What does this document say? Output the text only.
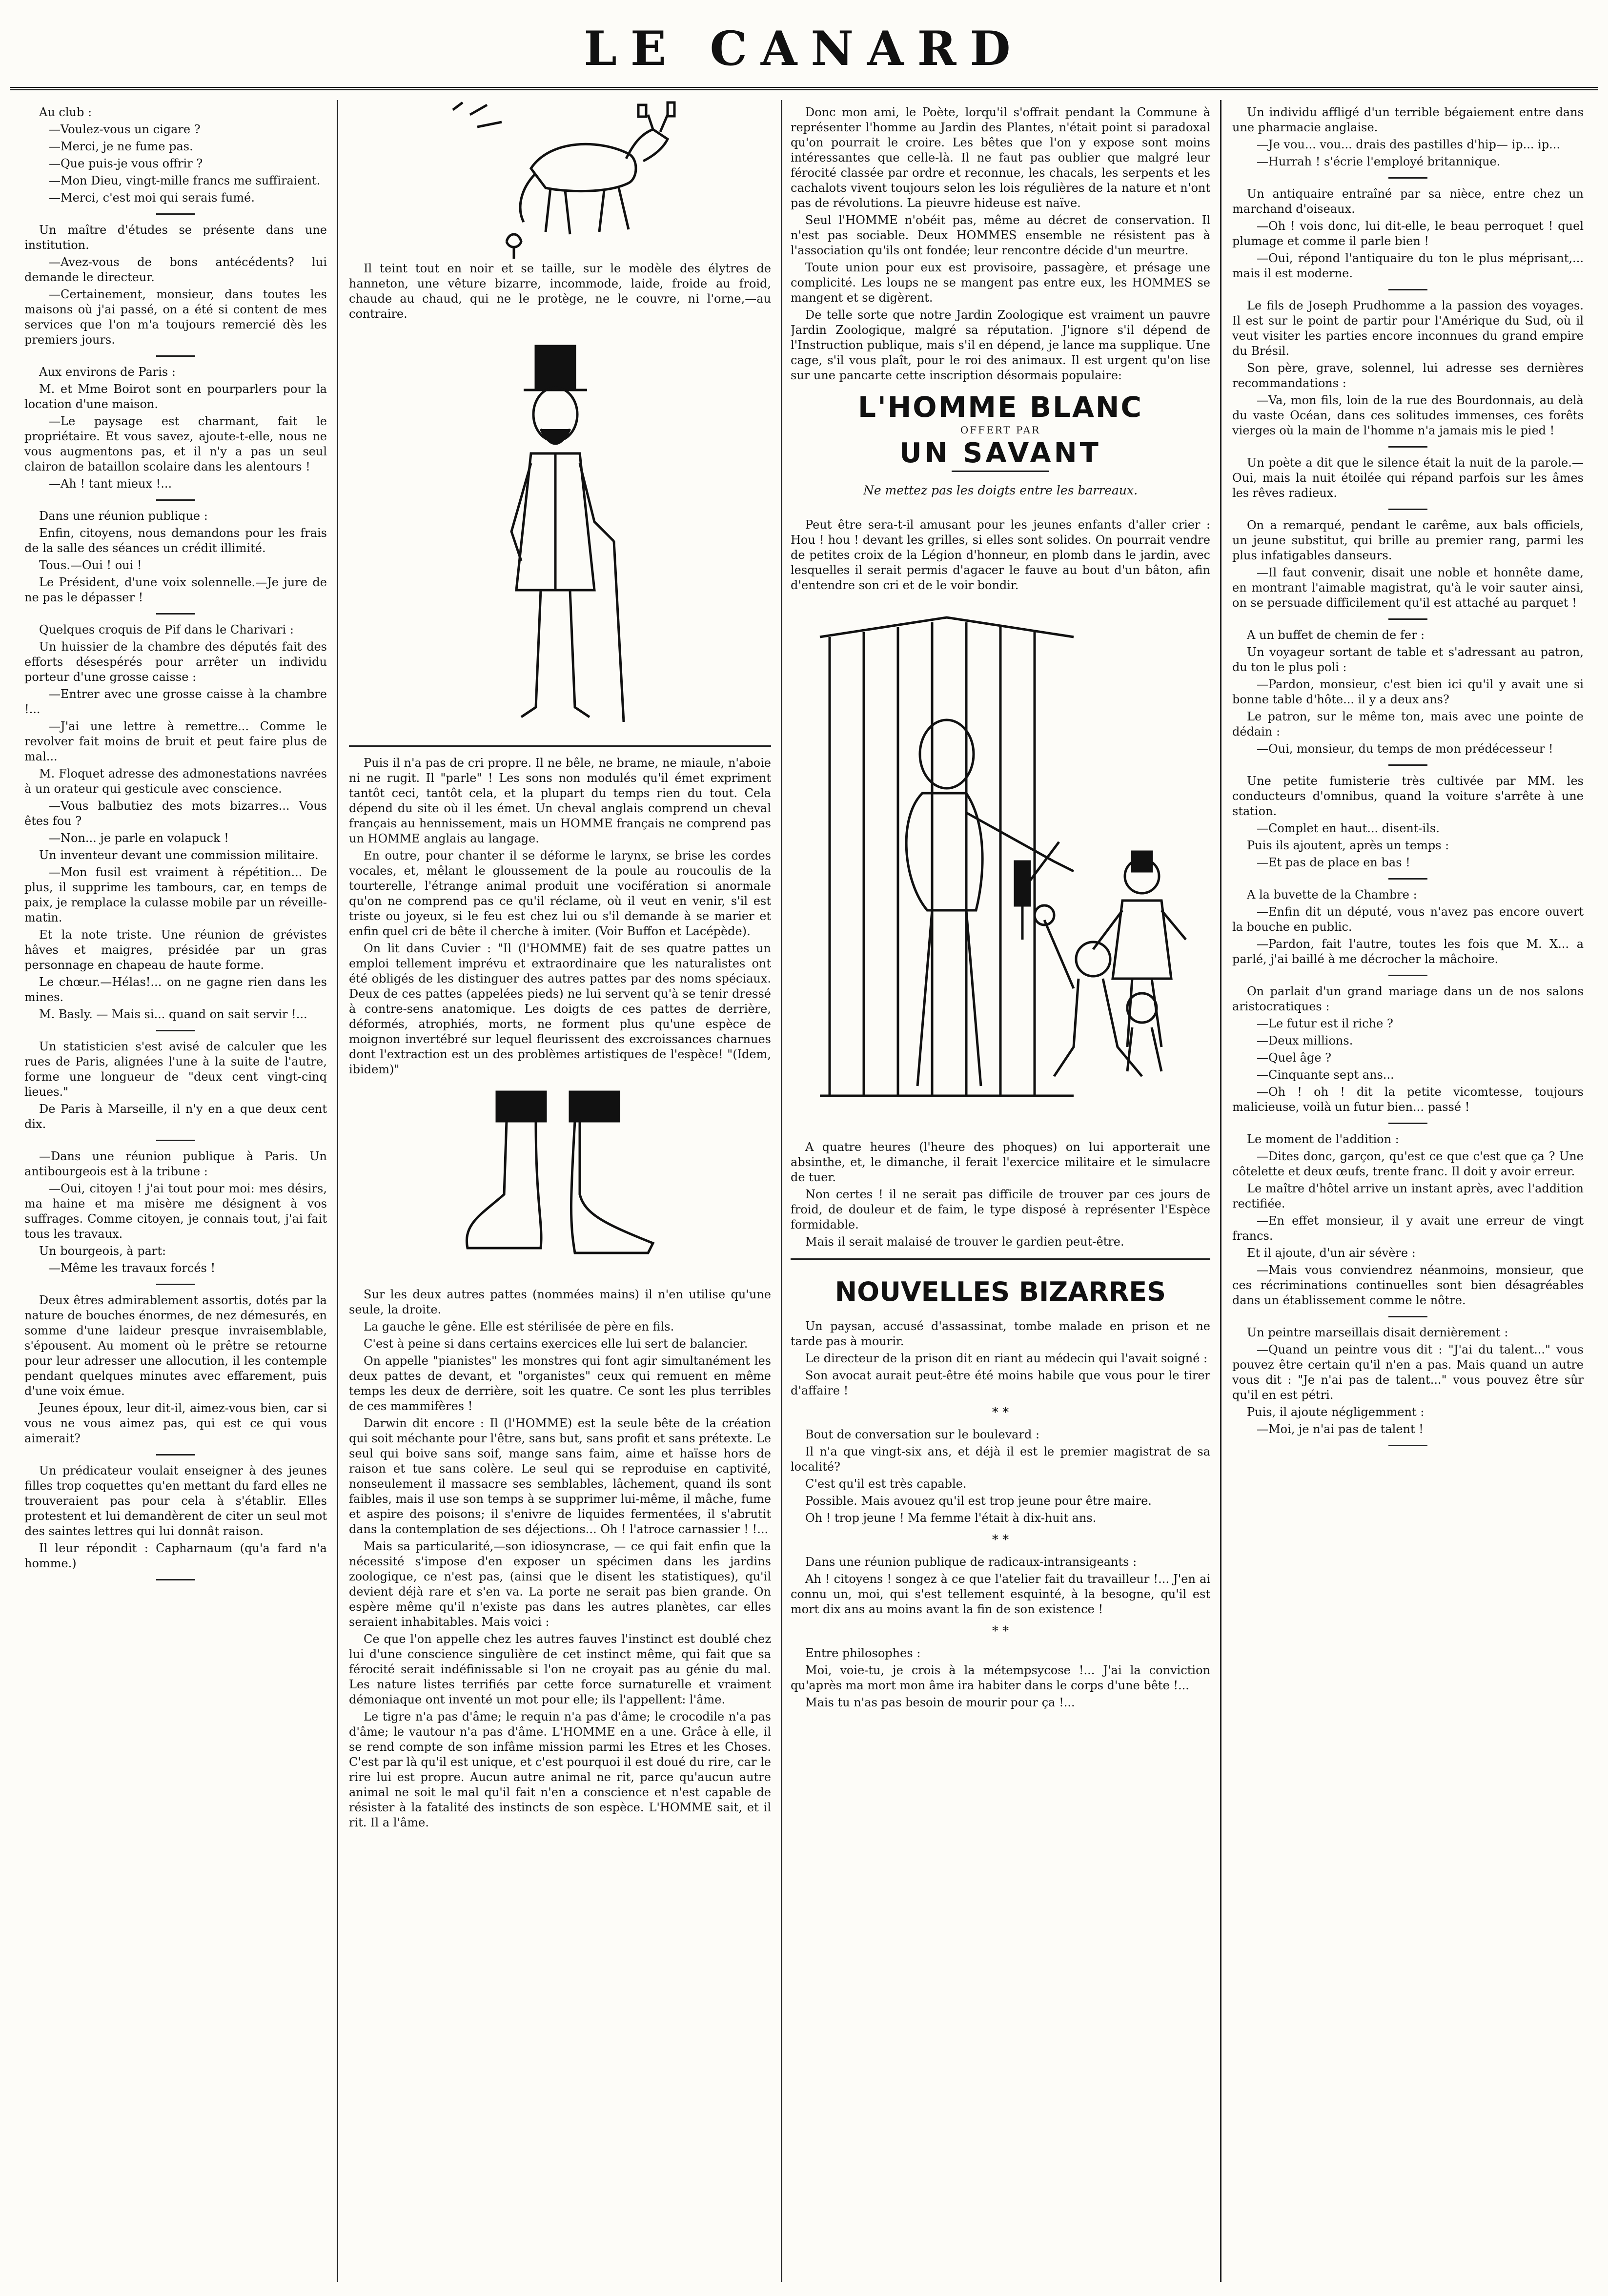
LE CANARD

Au club :

—Voulez-vous un cigare ?

—Merci, je ne fume pas.

—Que puis-je vous offrir ?

—Mon Dieu, vingt-mille francs me suffiraient.

—Merci, c'est moi qui serais fumé.

Un maître d'études se présente dans une institution.

—Avez-vous de bons antécédents? lui demande le directeur.

—Certainement, monsieur, dans toutes les maisons où j'ai passé, on a été si content de mes services que l'on m'a toujours remercié dès les premiers jours.

Aux environs de Paris :

M. et Mme Boirot sont en pourparlers pour la location d'une maison.

—Le paysage est charmant, fait le propriétaire. Et vous savez, ajoute-t-elle, nous ne vous augmentons pas, et il n'y a pas un seul clairon de bataillon scolaire dans les alentours !

—Ah ! tant mieux !...

Dans une réunion publique :

Enfin, citoyens, nous demandons pour les frais de la salle des séances un crédit illimité.

Tous.—Oui ! oui !

Le Président, d'une voix solennelle.—Je jure de ne pas le dépasser !

Quelques croquis de Pif dans le Charivari :

Un huissier de la chambre des députés fait des efforts désespérés pour arrêter un individu porteur d'une grosse caisse :

—Entrer avec une grosse caisse à la chambre !...

—J'ai une lettre à remettre... Comme le revolver fait moins de bruit et peut faire plus de mal...

M. Floquet adresse des admonestations navrées à un orateur qui gesticule avec conscience.

—Vous balbutiez des mots bizarres... Vous êtes fou ?

—Non... je parle en volapuck !

Un inventeur devant une commission militaire.

—Mon fusil est vraiment à répétition... De plus, il supprime les tambours, car, en temps de paix, je remplace la culasse mobile par un réveille-matin.

Et la note triste. Une réunion de grévistes hâves et maigres, présidée par un gras personnage en chapeau de haute forme.

Le chœur.—Hélas!... on ne gagne rien dans les mines.

M. Basly. — Mais si... quand on sait servir !...

Un statisticien s'est avisé de calculer que les rues de Paris, alignées l'une à la suite de l'autre, forme une longueur de "deux cent vingt-cinq lieues."

De Paris à Marseille, il n'y en a que deux cent dix.

—Dans une réunion publique à Paris. Un antibourgeois est à la tribune :

—Oui, citoyen ! j'ai tout pour moi: mes désirs, ma haine et ma misère me désignent à vos suffrages. Comme citoyen, je connais tout, j'ai fait tous les travaux.

Un bourgeois, à part:

—Même les travaux forcés !

Deux êtres admirablement assortis, dotés par la nature de bouches énormes, de nez démesurés, en somme d'une laideur presque invraisemblable, s'épousent. Au moment où le prêtre se retourne pour leur adresser une allocution, il les contemple pendant quelques minutes avec effarement, puis d'une voix émue.

Jeunes époux, leur dit-il, aimez-vous bien, car si vous ne vous aimez pas, qui est ce qui vous aimerait?

Un prédicateur voulait enseigner à des jeunes filles trop coquettes qu'en mettant du fard elles ne trouveraient pas pour cela à s'établir. Elles protestent et lui demandèrent de citer un seul mot des saintes lettres qui lui donnât raison.

Il leur répondit : Capharnaum (qu'a fard n'a homme.)

Il teint tout en noir et se taille, sur le modèle des élytres de hanneton, une vêture bizarre, incommode, laide, froide au froid, chaude au chaud, qui ne le protège, ne le couvre, ni l'orne,—au contraire.

Puis il n'a pas de cri propre. Il ne bêle, ne brame, ne miaule, n'aboie ni ne rugit. Il "parle" ! Les sons non modulés qu'il émet expriment tantôt ceci, tantôt cela, et la plupart du temps rien du tout. Cela dépend du site où il les émet. Un cheval anglais comprend un cheval français au hennissement, mais un HOMME français ne comprend pas un HOMME anglais au langage.

En outre, pour chanter il se déforme le larynx, se brise les cordes vocales, et, mêlant le gloussement de la poule au roucoulis de la tourterelle, l'étrange animal produit une vocifération si anormale qu'on ne comprend pas ce qu'il réclame, où il veut en venir, s'il est triste ou joyeux, si le feu est chez lui ou s'il demande à se marier et enfin quel cri de bête il cherche à imiter. (Voir Buffon et Lacépède).

On lit dans Cuvier : "Il (l'HOMME) fait de ses quatre pattes un emploi tellement imprévu et extraordinaire que les naturalistes ont été obligés de les distinguer des autres pattes par des noms spéciaux. Deux de ces pattes (appelées pieds) ne lui servent qu'à se tenir dressé à contre-sens anatomique. Les doigts de ces pattes de derrière, déformés, atrophiés, morts, ne forment plus qu'une espèce de moignon invertébré sur lequel fleurissent des excroissances charnues dont l'extraction est un des problèmes artistiques de l'espèce! "(Idem, ibidem)"

Sur les deux autres pattes (nommées mains) il n'en utilise qu'une seule, la droite.

La gauche le gêne. Elle est stérilisée de père en fils.

C'est à peine si dans certains exercices elle lui sert de balancier.

On appelle "pianistes" les monstres qui font agir simultanément les deux pattes de devant, et "organistes" ceux qui remuent en même temps les deux de derrière, soit les quatre. Ce sont les plus terribles de ces mammifères !

Darwin dit encore : Il (l'HOMME) est la seule bête de la création qui soit méchante pour l'être, sans but, sans profit et sans prétexte. Le seul qui boive sans soif, mange sans faim, aime et haïsse hors de raison et tue sans colère. Le seul qui se reproduise en captivité, nonseulement il massacre ses semblables, lâchement, quand ils sont faibles, mais il use son temps à se supprimer lui-même, il mâche, fume et aspire des poisons; il s'enivre de liquides fermentées, il s'abrutit dans la contemplation de ses déjections... Oh ! l'atroce carnassier ! !...

Mais sa particularité,—son idiosyncrase, — ce qui fait enfin que la nécessité s'impose d'en exposer un spécimen dans les jardins zoologique, ce n'est pas, (ainsi que le disent les statistiques), qu'il devient déjà rare et s'en va. La porte ne serait pas bien grande. On espère même qu'il n'existe pas dans les autres planètes, car elles seraient inhabitables. Mais voici :

Ce que l'on appelle chez les autres fauves l'instinct est doublé chez lui d'une conscience singulière de cet instinct même, qui fait que sa férocité serait indéfinissable si l'on ne croyait pas au génie du mal. Les nature listes terrifiés par cette force surnaturelle et vraiment démoniaque ont inventé un mot pour elle; ils l'appellent: l'âme.

Le tigre n'a pas d'âme; le requin n'a pas d'âme; le crocodile n'a pas d'âme; le vautour n'a pas d'âme. L'HOMME en a une. Grâce à elle, il se rend compte de son infâme mission parmi les Etres et les Choses. C'est par là qu'il est unique, et c'est pourquoi il est doué du rire, car le rire lui est propre. Aucun autre animal ne rit, parce qu'aucun autre animal ne soit le mal qu'il fait n'en a conscience et n'est capable de résister à la fatalité des instincts de son espèce. L'HOMME sait, et il rit. Il a l'âme.

Donc mon ami, le Poète, lorqu'il s'offrait pendant la Commune à représenter l'homme au Jardin des Plantes, n'était point si paradoxal qu'on pourrait le croire. Les bêtes que l'on y expose sont moins intéressantes que celle-là. Il ne faut pas oublier que malgré leur férocité classée par ordre et reconnue, les chacals, les serpents et les cachalots vivent toujours selon les lois régulières de la nature et n'ont pas de révolutions. La pieuvre hideuse est naïve.

Seul l'HOMME n'obéit pas, même au décret de conservation. Il n'est pas sociable. Deux HOMMES ensemble ne résistent pas à l'association qu'ils ont fondée; leur rencontre décide d'un meurtre.

Toute union pour eux est provisoire, passagère, et présage une complicité. Les loups ne se mangent pas entre eux, les HOMMES se mangent et se digèrent.

De telle sorte que notre Jardin Zoologique est vraiment un pauvre Jardin Zoologique, malgré sa réputation. J'ignore s'il dépend de l'Instruction publique, mais s'il en dépend, je lance ma supplique. Une cage, s'il vous plaît, pour le roi des animaux. Il est urgent qu'on lise sur une pancarte cette inscription désormais populaire:

L'HOMME BLANC
OFFERT PAR
UN SAVANT
Ne mettez pas les doigts entre les barreaux.

Peut être sera-t-il amusant pour les jeunes enfants d'aller crier : Hou ! hou ! devant les grilles, si elles sont solides. On pourrait vendre de petites croix de la Légion d'honneur, en plomb dans le jardin, avec lesquelles il serait permis d'agacer le fauve au bout d'un bâton, afin d'entendre son cri et de le voir bondir.

A quatre heures (l'heure des phoques) on lui apporterait une absinthe, et, le dimanche, il ferait l'exercice militaire et le simulacre de tuer.

Non certes ! il ne serait pas difficile de trouver par ces jours de froid, de douleur et de faim, le type disposé à représenter l'Espèce formidable.

Mais il serait malaisé de trouver le gardien peut-être.

NOUVELLES BIZARRES

Un paysan, accusé d'assassinat, tombe malade en prison et ne tarde pas à mourir.

Le directeur de la prison dit en riant au médecin qui l'avait soigné :

Son avocat aurait peut-être été moins habile que vous pour le tirer d'affaire !

* *

Bout de conversation sur le boulevard :

Il n'a que vingt-six ans, et déjà il est le premier magistrat de sa localité?

C'est qu'il est très capable.

Possible. Mais avouez qu'il est trop jeune pour être maire.

Oh ! trop jeune ! Ma femme l'était à dix-huit ans.

* *

Dans une réunion publique de radicaux-intransigeants :

Ah ! citoyens ! songez à ce que l'atelier fait du travailleur !... J'en ai connu un, moi, qui s'est tellement esquinté, à la besogne, qu'il est mort dix ans au moins avant la fin de son existence !

* *

Entre philosophes :

Moi, voie-tu, je crois à la métempsycose !... J'ai la conviction qu'après ma mort mon âme ira habiter dans le corps d'une bête !...

Mais tu n'as pas besoin de mourir pour ça !...

Un individu affligé d'un terrible bégaiement entre dans une pharmacie anglaise.

—Je vou... vou... drais des pastilles d'hip— ip... ip...

—Hurrah ! s'écrie l'employé britannique.

Un antiquaire entraîné par sa nièce, entre chez un marchand d'oiseaux.

—Oh ! vois donc, lui dit-elle, le beau perroquet ! quel plumage et comme il parle bien !

—Oui, répond l'antiquaire du ton le plus méprisant,... mais il est moderne.

Le fils de Joseph Prudhomme a la passion des voyages. Il est sur le point de partir pour l'Amérique du Sud, où il veut visiter les parties encore inconnues du grand empire du Brésil.

Son père, grave, solennel, lui adresse ses dernières recommandations :

—Va, mon fils, loin de la rue des Bourdonnais, au delà du vaste Océan, dans ces solitudes immenses, ces forêts vierges où la main de l'homme n'a jamais mis le pied !

Un poète a dit que le silence était la nuit de la parole.— Oui, mais la nuit étoilée qui répand parfois sur les âmes les rêves radieux.

On a remarqué, pendant le carême, aux bals officiels, un jeune substitut, qui brille au premier rang, parmi les plus infatigables danseurs.

—Il faut convenir, disait une noble et honnête dame, en montrant l'aimable magistrat, qu'à le voir sauter ainsi, on se persuade difficilement qu'il est attaché au parquet !

A un buffet de chemin de fer :

Un voyageur sortant de table et s'adressant au patron, du ton le plus poli :

—Pardon, monsieur, c'est bien ici qu'il y avait une si bonne table d'hôte... il y a deux ans?

Le patron, sur le même ton, mais avec une pointe de dédain :

—Oui, monsieur, du temps de mon prédécesseur !

Une petite fumisterie très cultivée par MM. les conducteurs d'omnibus, quand la voiture s'arrête à une station.

—Complet en haut... disent-ils.

Puis ils ajoutent, après un temps :

—Et pas de place en bas !

A la buvette de la Chambre :

—Enfin dit un député, vous n'avez pas encore ouvert la bouche en public.

—Pardon, fait l'autre, toutes les fois que M. X... a parlé, j'ai baillé à me décrocher la mâchoire.

On parlait d'un grand mariage dans un de nos salons aristocratiques :

—Le futur est il riche ?

—Deux millions.

—Quel âge ?

—Cinquante sept ans...

—Oh ! oh ! dit la petite vicomtesse, toujours malicieuse, voilà un futur bien... passé !

Le moment de l'addition :

—Dites donc, garçon, qu'est ce que c'est que ça ? Une côtelette et deux œufs, trente franc. Il doit y avoir erreur.

Le maître d'hôtel arrive un instant après, avec l'addition rectifiée.

—En effet monsieur, il y avait une erreur de vingt francs.

Et il ajoute, d'un air sévère :

—Mais vous conviendrez néanmoins, monsieur, que ces récriminations continuelles sont bien désagréables dans un établissement comme le nôtre.

Un peintre marseillais disait dernièrement :

—Quand un peintre vous dit : "J'ai du talent..." vous pouvez être certain qu'il n'en a pas. Mais quand un autre vous dit : "Je n'ai pas de talent..." vous pouvez être sûr qu'il en est pétri.

Puis, il ajoute négligemment :

—Moi, je n'ai pas de talent !
